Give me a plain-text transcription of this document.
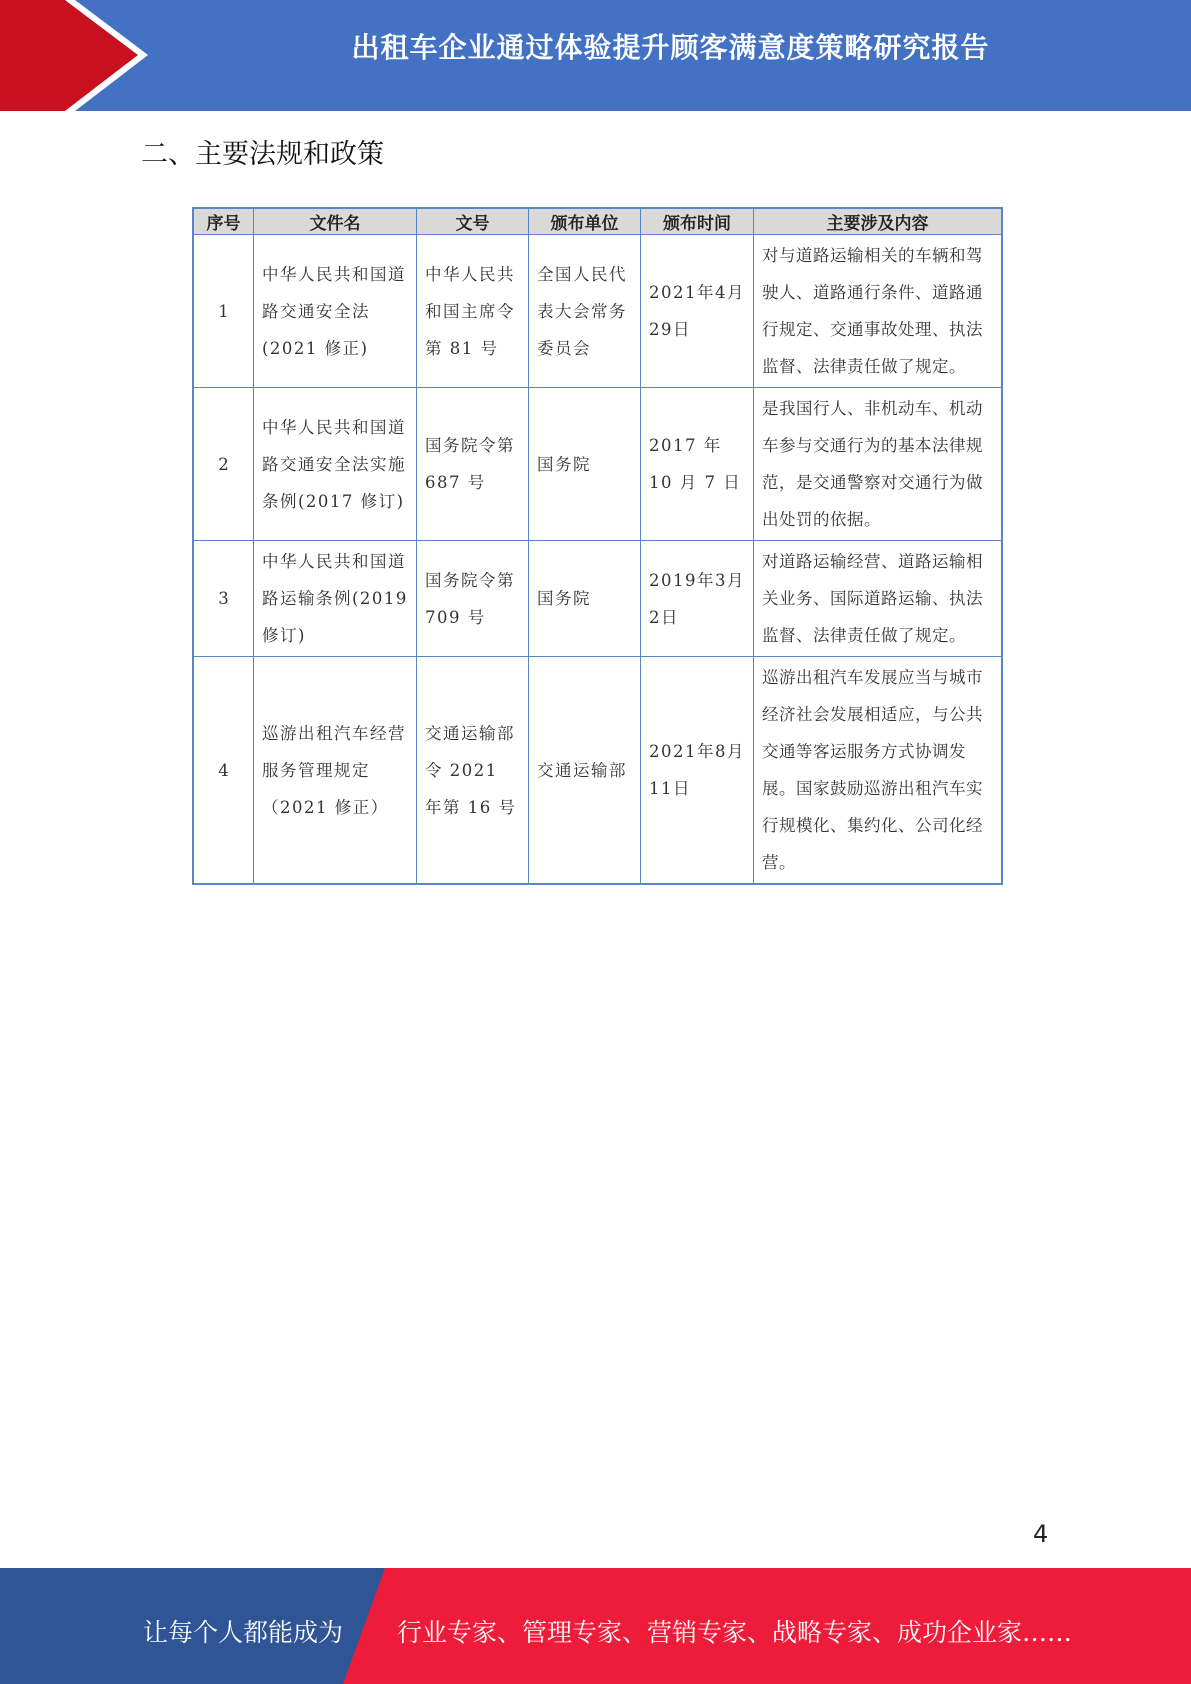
出租车企业通过体验提升顾客满意度策略研究报告
二、主要法规和政策
序号	文件名	文号	颁布单位	颁布时间	主要涉及内容
1	中华人民共和国道路交通安全法(2021 修正)	中华人民共和国主席令第 81 号	全国人民代表大会常务委员会	2021年4月29日	对与道路运输相关的车辆和驾驶人、道路通行条件、道路通行规定、交通事故处理、执法监督、法律责任做了规定。
2	中华人民共和国道路交通安全法实施条例(2017 修订)	国务院令第 687 号	国务院	2017 年 10 月 7 日	是我国行人、非机动车、机动车参与交通行为的基本法律规范，是交通警察对交通行为做出处罚的依据。
3	中华人民共和国道路运输条例(2019 修订)	国务院令第 709 号	国务院	2019年3月2日	对道路运输经营、道路运输相关业务、国际道路运输、执法监督、法律责任做了规定。
4	巡游出租汽车经营服务管理规定（2021 修正）	交通运输部令 2021 年第 16 号	交通运输部	2021年8月11日	巡游出租汽车发展应当与城市经济社会发展相适应，与公共交通等客运服务方式协调发展。国家鼓励巡游出租汽车实行规模化、集约化、公司化经营。
4
让每个人都能成为 行业专家、管理专家、营销专家、战略专家、成功企业家……
